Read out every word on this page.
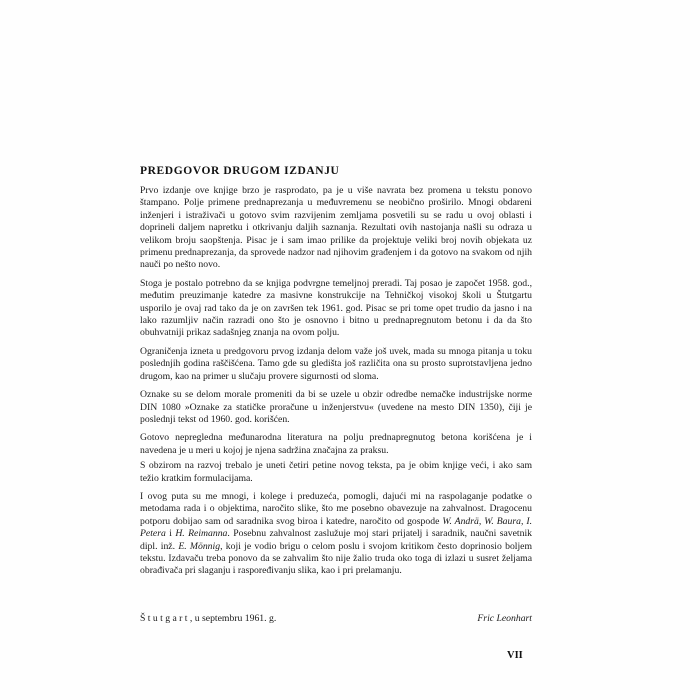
PREDGOVOR DRUGOM IZDANJU

Prvo izdanje ove knjige brzo je rasprodato, pa je u više navrata bez promena u tekstu ponovo štampano. Polje primene prednaprezanja u međuvremenu se neobično proširilo. Mnogi obdareni inženjeri i istraživači u gotovo svim razvijenim zemljama posvetili su se radu u ovoj oblasti i doprineli daljem napretku i otkrivanju daljih saznanja. Rezultati ovih nastojanja našli su odraza u velikom broju saopštenja. Pisac je i sam imao prilike da projektuje veliki broj novih objekata uz primenu prednaprezanja, da sprovede nadzor nad njihovim građenjem i da gotovo na svakom od njih nauči po nešto novo.

Stoga je postalo potrebno da se knjiga podvrgne temeljnoj preradi. Taj posao je započet 1958. god., međutim preuzimanje katedre za masivne konstrukcije na Tehničkoj visokoj školi u Štutgartu usporilo je ovaj rad tako da je on završen tek 1961. god. Pisac se pri tome opet trudio da jasno i na lako razumljiv način razradi ono što je osnovno i bitno u prednapregnutom betonu i da da što obuhvatniji prikaz sadašnjeg znanja na ovom polju.

Ograničenja izneta u predgovoru prvog izdanja delom važe još uvek, mada su mnoga pitanja u toku poslednjih godina raščišćena. Tamo gde su gledišta još različita ona su prosto suprotstavljena jedno drugom, kao na primer u slučaju provere sigurnosti od sloma.

Oznake su se delom morale promeniti da bi se uzele u obzir odredbe nemačke industrijske norme DIN 1080 »Oznake za statičke proračune u inženjerstvu« (uvedene na mesto DIN 1350), čiji je poslednji tekst od 1960. god. korišćen.

Gotovo nepregledna međunarodna literatura na polju prednapregnutog betona korišćena je i navedena je u meri u kojoj je njena sadržina značajna za praksu.

S obzirom na razvoj trebalo je uneti četiri petine novog teksta, pa je obim knjige veći, i ako sam težio kratkim formulacijama.

I ovog puta su me mnogi, i kolege i preduzeća, pomogli, dajući mi na raspolaganje podatke o metodama rada i o objektima, naročito slike, što me posebno obavezuje na zahvalnost. Dragocenu potporu dobijao sam od saradnika svog biroa i katedre, naročito od gospode W. Andrä, W. Baura, I. Petera i H. Reimanna. Posebnu zahvalnost zaslužuje moj stari prijatelj i saradnik, naučni savetnik dipl. inž. E. Mönnig, koji je vodio brigu o celom poslu i svojom kritikom često doprinosio boljem tekstu. Izdavaču treba ponovo da se zahvalim što nije žalio truda oko toga di izlazi u susret željama obrađivača pri slaganju i raspoređivanju slika, kao i pri prelamanju.

Štutgart, u septembru 1961. g.	Fric Leonhart
VII
